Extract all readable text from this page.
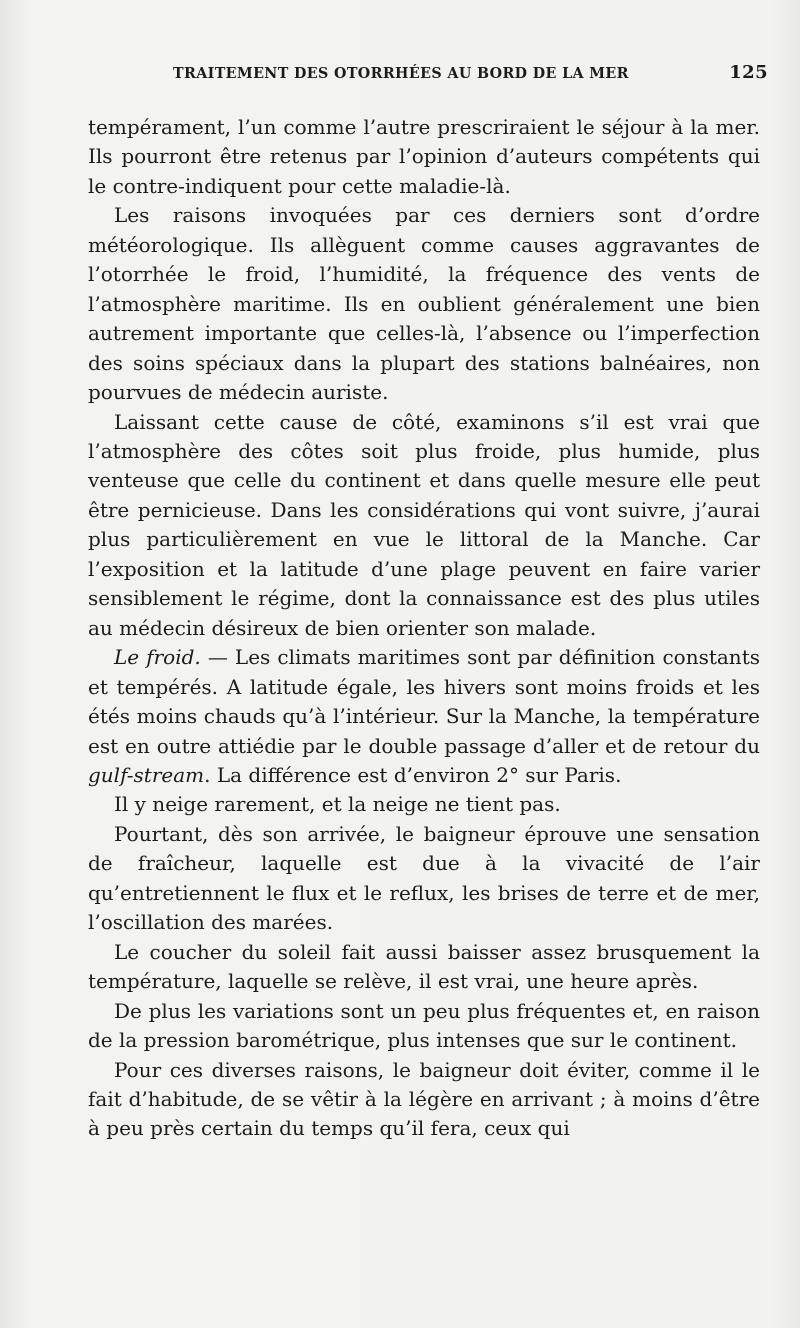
TRAITEMENT DES OTORRHÉES AU BORD DE LA MER	125

tempérament, l’un comme l’autre prescriraient le séjour à la mer. Ils pourront être retenus par l’opinion d’auteurs compétents qui le contre-indiquent pour cette maladie-là.

Les raisons invoquées par ces derniers sont d’ordre météorologique. Ils allèguent comme causes aggravantes de l’otorrhée le froid, l’humidité, la fréquence des vents de l’atmosphère maritime. Ils en oublient généralement une bien autrement importante que celles-là, l’absence ou l’imperfection des soins spéciaux dans la plupart des stations balnéaires, non pourvues de médecin auriste.

Laissant cette cause de côté, examinons s’il est vrai que l’atmosphère des côtes soit plus froide, plus humide, plus venteuse que celle du continent et dans quelle mesure elle peut être pernicieuse. Dans les considérations qui vont suivre, j’aurai plus particulièrement en vue le littoral de la Manche. Car l’exposition et la latitude d’une plage peuvent en faire varier sensiblement le régime, dont la connaissance est des plus utiles au médecin désireux de bien orienter son malade.

Le froid. — Les climats maritimes sont par définition constants et tempérés. A latitude égale, les hivers sont moins froids et les étés moins chauds qu’à l’intérieur. Sur la Manche, la température est en outre attiédie par le double passage d’aller et de retour du gulf-stream. La différence est d’environ 2° sur Paris.

Il y neige rarement, et la neige ne tient pas.

Pourtant, dès son arrivée, le baigneur éprouve une sensation de fraîcheur, laquelle est due à la vivacité de l’air qu’entretiennent le flux et le reflux, les brises de terre et de mer, l’oscillation des marées.

Le coucher du soleil fait aussi baisser assez brusquement la température, laquelle se relève, il est vrai, une heure après.

De plus les variations sont un peu plus fréquentes et, en raison de la pression barométrique, plus intenses que sur le continent.

Pour ces diverses raisons, le baigneur doit éviter, comme il le fait d’habitude, de se vêtir à la légère en arrivant ; à moins d’être à peu près certain du temps qu’il fera, ceux qui
